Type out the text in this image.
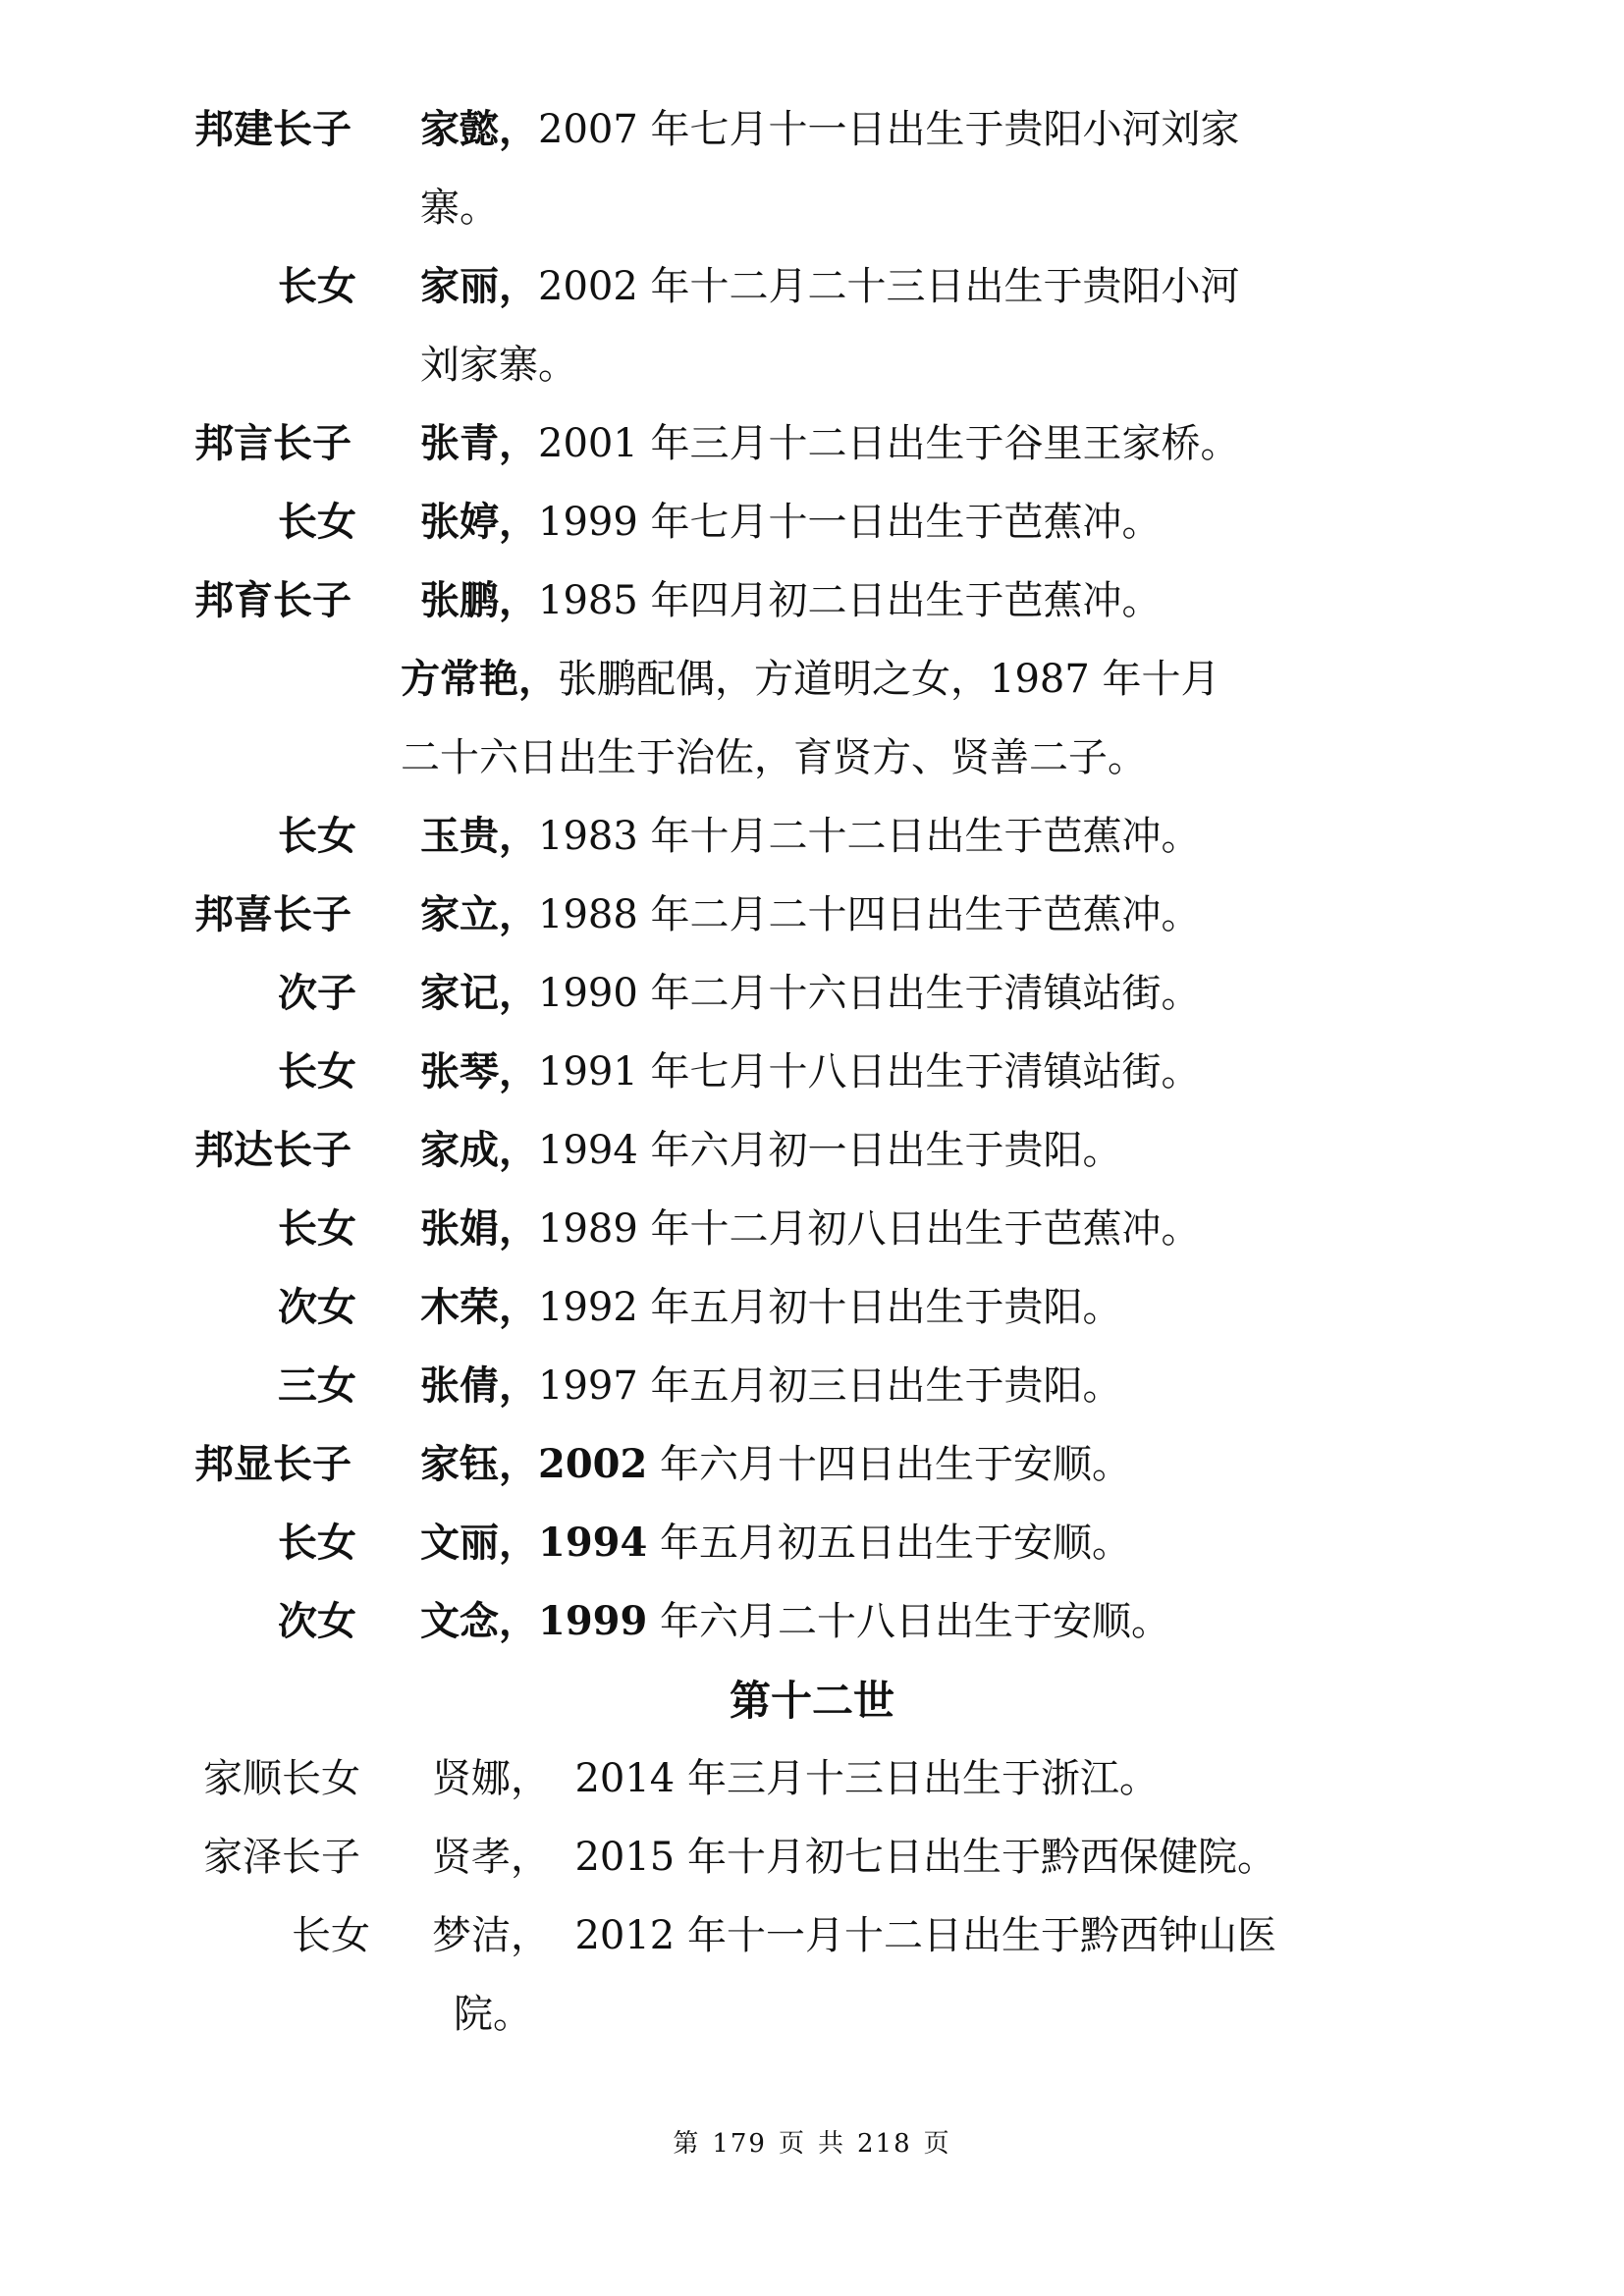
邦建长子 家懿，2007 年七月十一日出生于贵阳小河刘家
寨。
长女 家丽，2002 年十二月二十三日出生于贵阳小河
刘家寨。
邦言长子 张青，2001 年三月十二日出生于谷里王家桥。
长女 张婷，1999 年七月十一日出生于芭蕉冲。
邦育长子 张鹏，1985 年四月初二日出生于芭蕉冲。
方常艳，张鹏配偶，方道明之女，1987 年十月
二十六日出生于治佐，育贤方、贤善二子。
长女 玉贵，1983 年十月二十二日出生于芭蕉冲。
邦喜长子 家立，1988 年二月二十四日出生于芭蕉冲。
次子 家记，1990 年二月十六日出生于清镇站街。
长女 张琴，1991 年七月十八日出生于清镇站街。
邦达长子 家成，1994 年六月初一日出生于贵阳。
长女 张娟，1989 年十二月初八日出生于芭蕉冲。
次女 木荣，1992 年五月初十日出生于贵阳。
三女 张倩，1997 年五月初三日出生于贵阳。
邦显长子 家钰，2002 年六月十四日出生于安顺。
长女 文丽，1994 年五月初五日出生于安顺。
次女 文念，1999 年六月二十八日出生于安顺。
第十二世
家顺长女 贤娜， 2014 年三月十三日出生于浙江。
家泽长子 贤孝， 2015 年十月初七日出生于黔西保健院。
长女 梦洁， 2012 年十一月十二日出生于黔西钟山医
院。
第 179 页 共 218 页
